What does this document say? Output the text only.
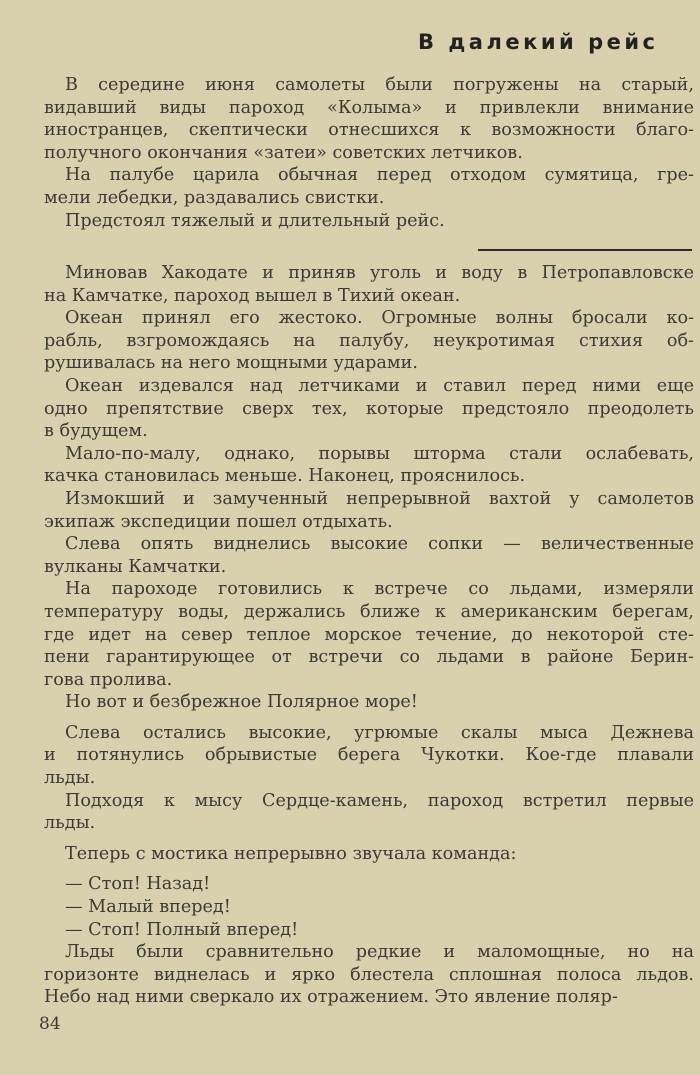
В далекий рейс
В середине июня самолеты были погружены на старый,
видавший виды пароход «Колыма» и привлекли внимание
иностранцев, скептически отнесшихся к возможности благо-
получного окончания «затеи» советских летчиков.
На палубе царила обычная перед отходом сумятица, гре-
мели лебедки, раздавались свистки.
Предстоял тяжелый и длительный рейс.
Миновав Хакодате и приняв уголь и воду в Петропавловске
на Камчатке, пароход вышел в Тихий океан.
Океан принял его жестоко. Огромные волны бросали ко-
рабль, взгромождаясь на палубу, неукротимая стихия об-
рушивалась на него мощными ударами.
Океан издевался над летчиками и ставил перед ними еще
одно препятствие сверх тех, которые предстояло преодолеть
в будущем.
Мало-по-малу, однако, порывы шторма стали ослабевать,
качка становилась меньше. Наконец, прояснилось.
Измокший и замученный непрерывной вахтой у самолетов
экипаж экспедиции пошел отдыхать.
Слева опять виднелись высокие сопки — величественные
вулканы Камчатки.
На пароходе готовились к встрече со льдами, измеряли
температуру воды, держались ближе к американским берегам,
где идет на север теплое морское течение, до некоторой сте-
пени гарантирующее от встречи со льдами в районе Берин-
гова пролива.
Но вот и безбрежное Полярное море!
Слева остались высокие, угрюмые скалы мыса Дежнева
и потянулись обрывистые берега Чукотки. Кое-где плавали
льды.
Подходя к мысу Сердце-камень, пароход встретил первые
льды.
Теперь с мостика непрерывно звучала команда:
— Стоп! Назад!
— Малый вперед!
— Стоп! Полный вперед!
Льды были сравнительно редкие и маломощные, но на
горизонте виднелась и ярко блестела сплошная полоса льдов.
Небо над ними сверкало их отражением. Это явление поляр-
84
